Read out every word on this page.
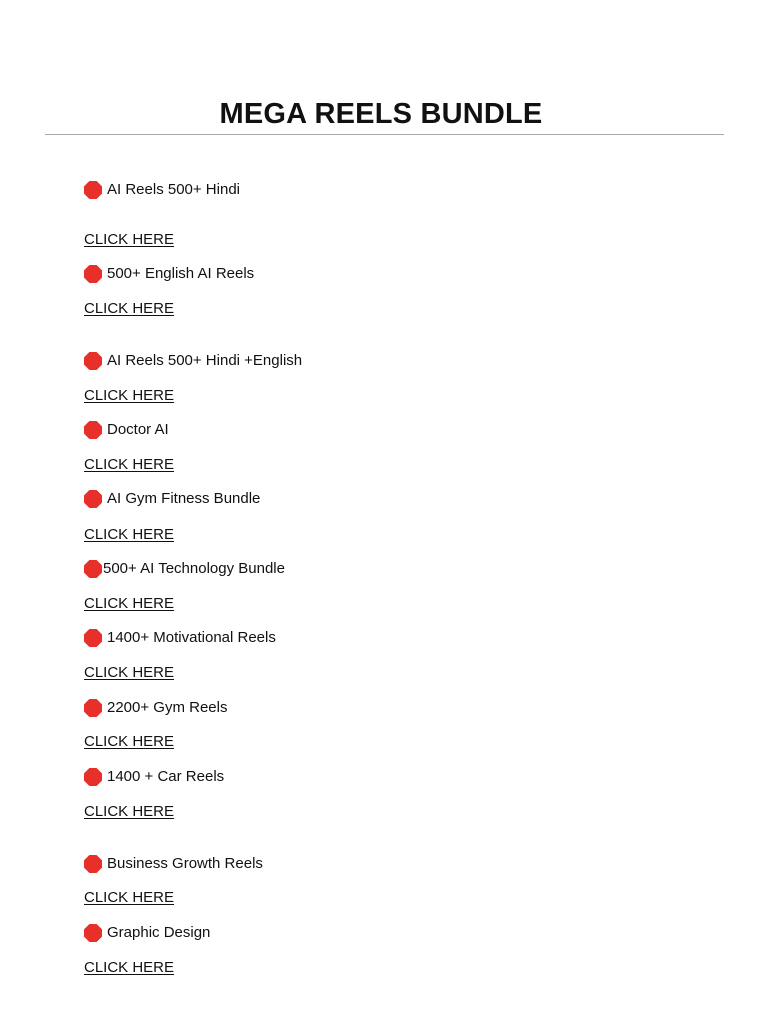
MEGA REELS BUNDLE
AI Reels 500+ Hindi
CLICK HERE
500+ English AI Reels
CLICK HERE
AI Reels 500+ Hindi +English
CLICK HERE
Doctor AI
CLICK HERE
AI Gym Fitness Bundle
CLICK HERE
500+ AI Technology Bundle
CLICK HERE
1400+ Motivational Reels
CLICK HERE
2200+ Gym Reels
CLICK HERE
1400 + Car Reels
CLICK HERE
Business Growth Reels
CLICK HERE
Graphic Design
CLICK HERE
